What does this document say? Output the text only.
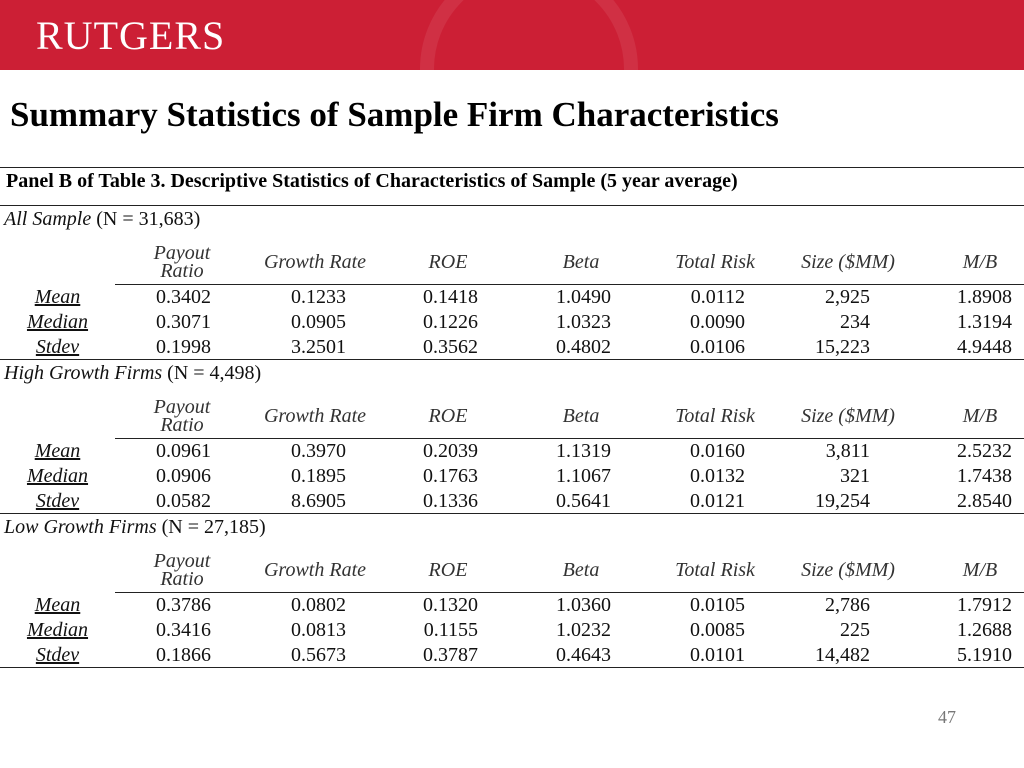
RUTGERS
Summary Statistics of Sample Firm Characteristics
Panel B of Table 3. Descriptive Statistics of Characteristics of Sample (5 year average)
All Sample (N = 31,683)
Payout Ratio	Growth Rate	ROE	Beta	Total Risk	Size ($MM)	M/B
Mean	0.3402	0.1233	0.1418	1.0490	0.0112	2,925	1.8908
Median	0.3071	0.0905	0.1226	1.0323	0.0090	234	1.3194
Stdev	0.1998	3.2501	0.3562	0.4802	0.0106	15,223	4.9448
High Growth Firms (N = 4,498)
Payout Ratio	Growth Rate	ROE	Beta	Total Risk	Size ($MM)	M/B
Mean	0.0961	0.3970	0.2039	1.1319	0.0160	3,811	2.5232
Median	0.0906	0.1895	0.1763	1.1067	0.0132	321	1.7438
Stdev	0.0582	8.6905	0.1336	0.5641	0.0121	19,254	2.8540
Low Growth Firms (N = 27,185)
Payout Ratio	Growth Rate	ROE	Beta	Total Risk	Size ($MM)	M/B
Mean	0.3786	0.0802	0.1320	1.0360	0.0105	2,786	1.7912
Median	0.3416	0.0813	0.1155	1.0232	0.0085	225	1.2688
Stdev	0.1866	0.5673	0.3787	0.4643	0.0101	14,482	5.1910
47
